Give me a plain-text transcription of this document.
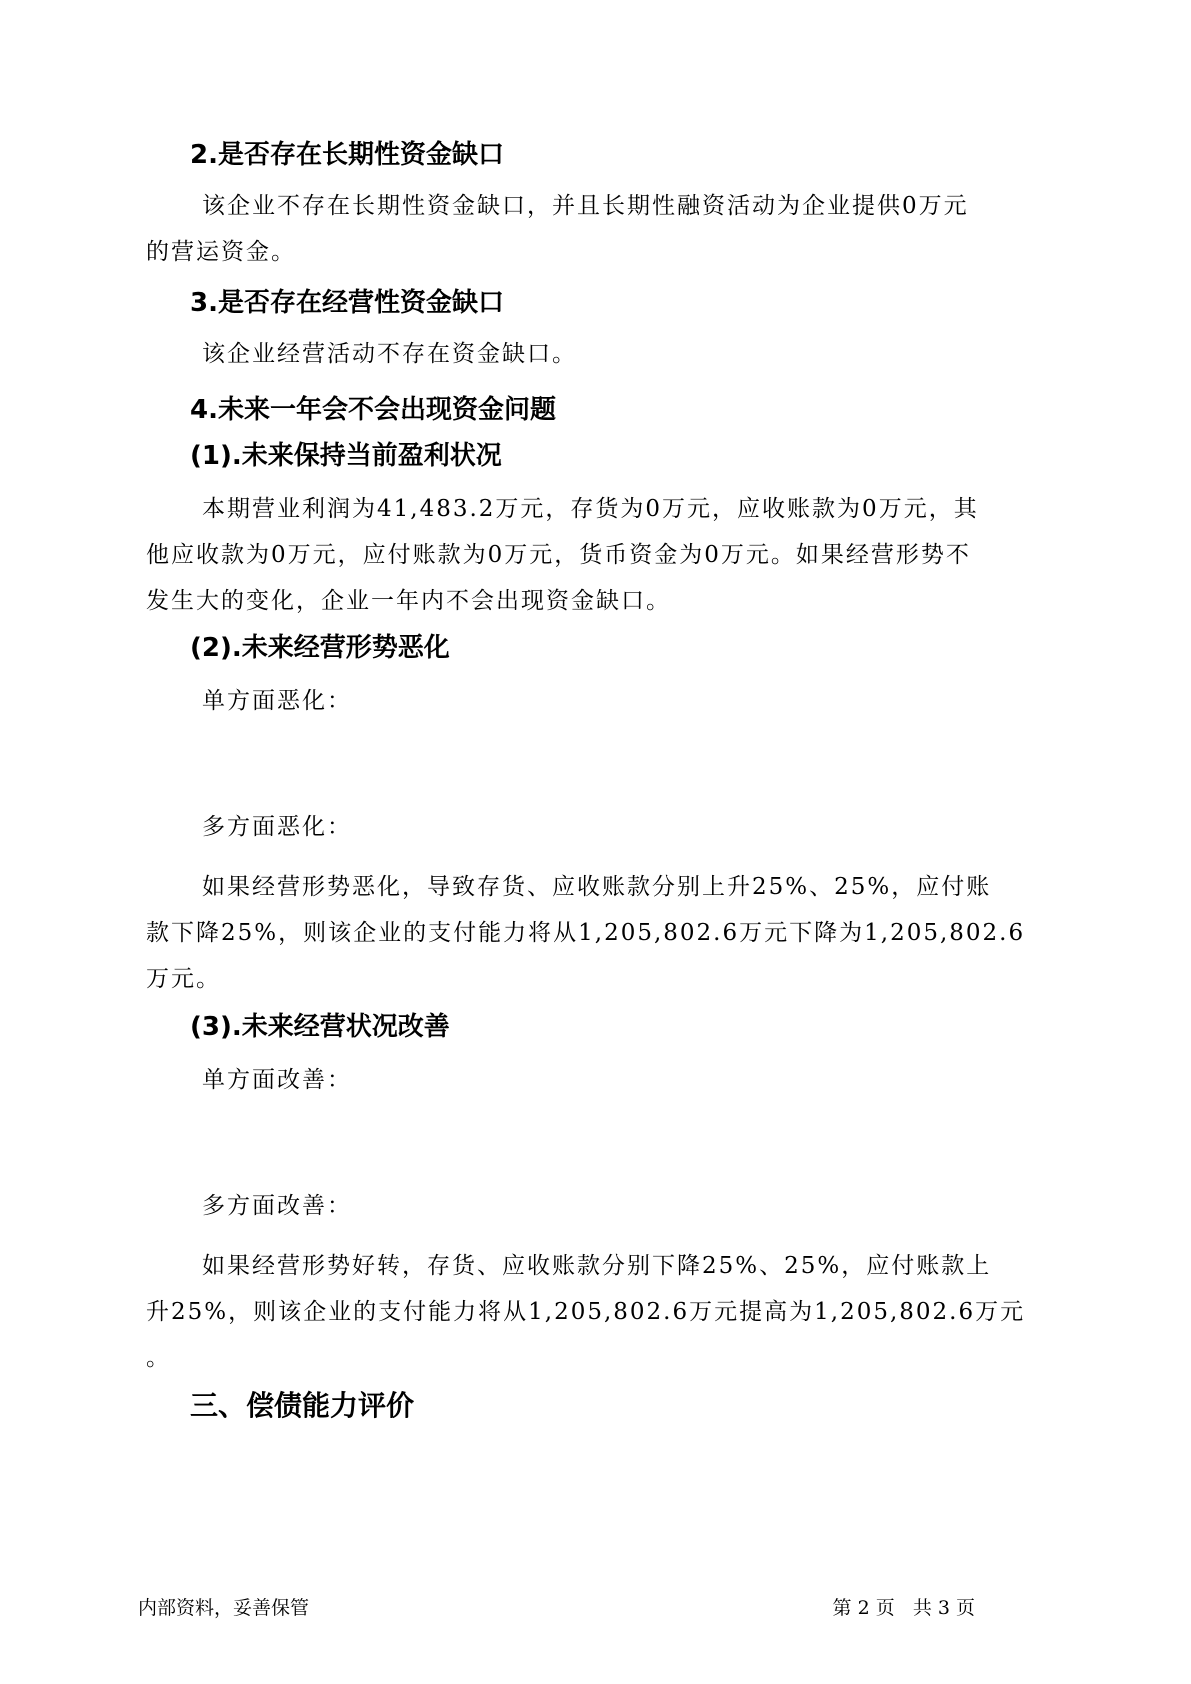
2.是否存在长期性资金缺口
该企业不存在长期性资金缺口，并且长期性融资活动为企业提供0万元
的营运资金。
3.是否存在经营性资金缺口
该企业经营活动不存在资金缺口。
4.未来一年会不会出现资金问题
(1).未来保持当前盈利状况
本期营业利润为41,483.2万元，存货为0万元，应收账款为0万元，其
他应收款为0万元，应付账款为0万元，货币资金为0万元。如果经营形势不
发生大的变化，企业一年内不会出现资金缺口。
(2).未来经营形势恶化
单方面恶化：
多方面恶化：
如果经营形势恶化，导致存货、应收账款分别上升25%、25%，应付账
款下降25%，则该企业的支付能力将从1,205,802.6万元下降为1,205,802.6
万元。
(3).未来经营状况改善
单方面改善：
多方面改善：
如果经营形势好转，存货、应收账款分别下降25%、25%，应付账款上
升25%，则该企业的支付能力将从1,205,802.6万元提高为1,205,802.6万元
。
三、偿债能力评价
内部资料，妥善保管	第 2 页   共 3 页
